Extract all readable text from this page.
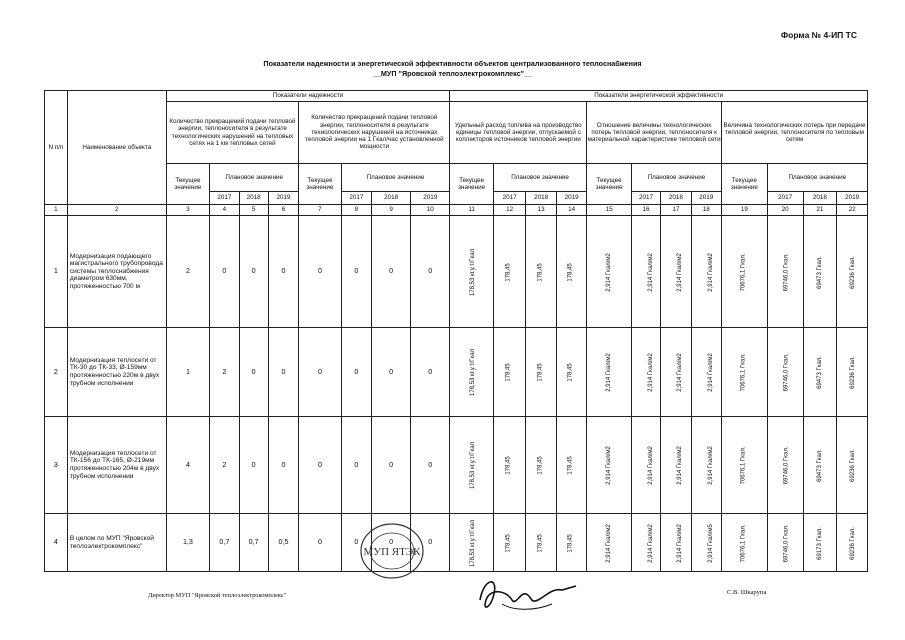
Форма № 4-ИП ТС
Показатели надежности и энергетической эффективности объектов централизованного теплоснабжения
__МУП "Яровской теплоэлектрокомплекс"__
N п/п	Наименование объекта	Показатели надежности								Показатели энергетической эффективности											
		Количество прекращений подачи тепловой энергии, теплоносителя в результате технологических нарушений на тепловых сетях на 1 км тепловых сетей				Количество прекращений подачи тепловой энергии, теплоносителя в результате технологических нарушений на источниках тепловой энергии на 1 Гкал/час установленной мощности				Удельный расход топлива на производство единицы тепловой энергии, отпускаемой с коллекторов источников тепловой энергии				Отношение величины технологических потерь тепловой энергии, теплоносителя к материальной характеристике тепловой сети				Величина технологических потерь при передаче тепловой энергии, теплоносителя по тепловым сетям			
		Текущее значение	Плановое значение			Текущее значение	Плановое значение			Текущее значение	Плановое значение			Текущее значение	Плановое значение			Текущее значение	Плановое значение		
			2017	2018	2019		2017	2018	2019		2017	2018	2019		2017	2018	2019		2017	2018	2019
1	2	3	4	5	6	7	8	9	10	11	12	13	14	15	16	17	18	19	20	21	22
1	Модернизация подающего магистрального трубопровода системы теплоснабжения диаметром 630мм, протяженностью 700 м	2	0	0	0	0	0	0	0	178,53 кг.у.т/Гкал	178,45	178,45	178,45	2,914 Гкал/м2	2,914 Гкал/м2	2,914 Гкал/м2	2,914 Гкал/м2	70676,1 Гкал.	69746,0 Гкал.	69473 Гкал.	69236 Гкал.
2	Модернизация теплосети от ТК-30 до ТК-33, Ø-159мм протяженностью 220м в двух трубном исполнении	1	2	0	0	0	0	0	0	178,53 кг.у.т/Гкал	178,45	178,45	178,45	2,914 Гкал/м2	2,914 Гкал/м2	2,914 Гкал/м2	2,914 Гкал/м2	70676,1 Гкал.	69746,0 Гкал.	69473 Гкал.	69236 Гкал.
3	Модернизация теплосети от ТК-156 до ТК-165, Ø-219мм протяженностью 204м в двух трубном исполнении	4	2	0	0	0	0	0	0	178,53 кг.у.т/Гкал	178,45	178,45	178,45	2,914 Гкал/м2	2,914 Гкал/м2	2,914 Гкал/м2	2,914 Гкал/м2	70676,1 Гкал.	69746,0 Гкал.	69473 Гкал.	69236 Гкал.
4	В целом по МУП "Яровской теплоэлектрокомплекс"	1,3	0,7	0,7	0,5	0	0	0	0	178,53 кг.у.т/Гкал	178,45	178,45	178,45	2,914 Гкал/м2	2,914 Гкал/м2	2,914 Гкал/м2	2,914 Гкал/м5	70676,1 Гкал.	69746,0 Гкал.	69173 Гкал.	69236 Гкал.
МУП ЯТЭК
Директор МУП "Яровской теплоэлектрокомплекс"	С.В. Шкарупа
